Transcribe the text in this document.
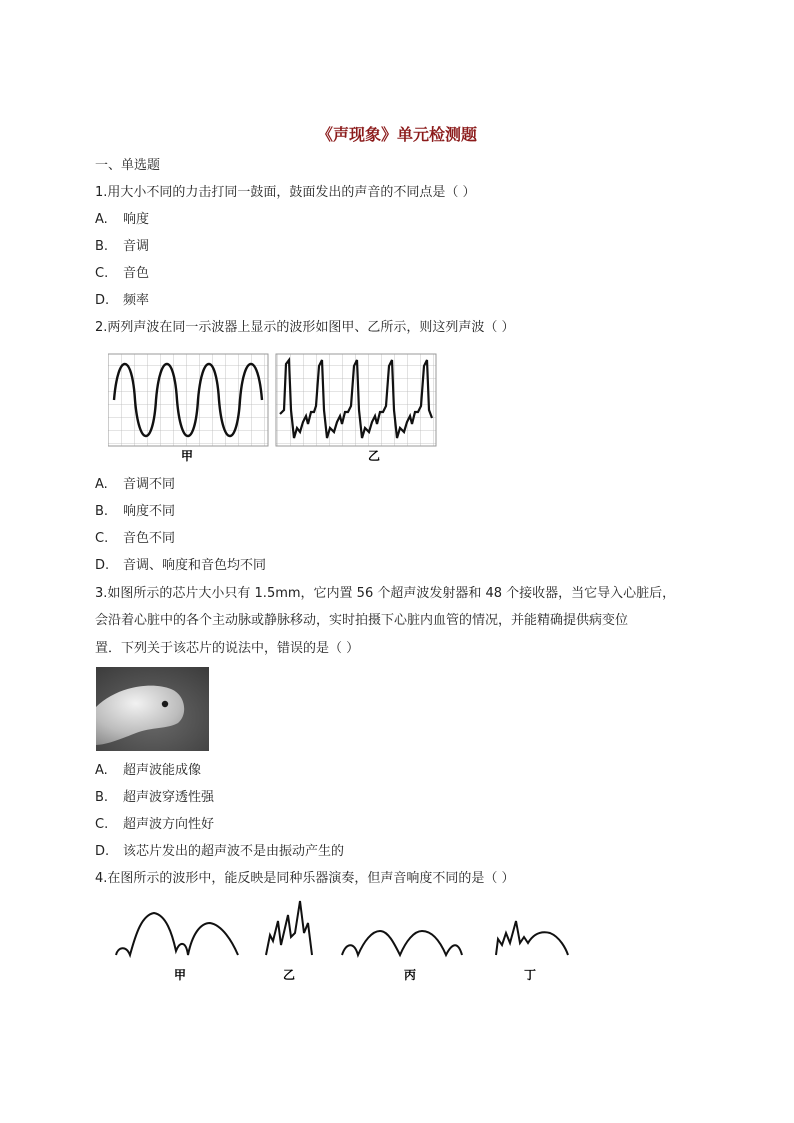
《声现象》单元检测题
一、单选题
1.用大小不同的力击打同一鼓面，鼓面发出的声音的不同点是（ ）
A. 响度
B. 音调
C. 音色
D. 频率
2.两列声波在同一示波器上显示的波形如图甲、乙所示，则这列声波（ ）
甲	乙
A. 音调不同
B. 响度不同
C. 音色不同
D. 音调、响度和音色均不同
3.如图所示的芯片大小只有 1.5mm，它内置 56 个超声波发射器和 48 个接收器，当它导入心脏后，
会沿着心脏中的各个主动脉或静脉移动，实时拍摄下心脏内血管的情况，并能精确提供病变位
置．下列关于该芯片的说法中，错误的是（ ）
A. 超声波能成像
B. 超声波穿透性强
C. 超声波方向性好
D. 该芯片发出的超声波不是由振动产生的
4.在图所示的波形中，能反映是同种乐器演奏，但声音响度不同的是（ ）
甲	乙	丙	丁
